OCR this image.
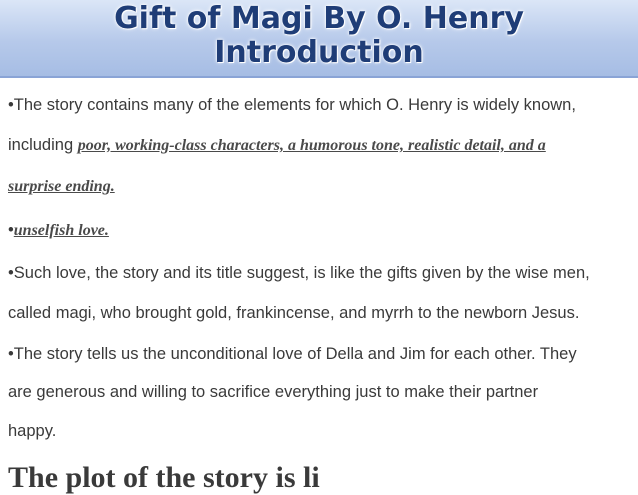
Gift of Magi By O. Henry
Introduction
•The story contains many of the elements for which O. Henry is widely known,
including poor, working-class characters, a humorous tone, realistic detail, and a
surprise ending.
•unselfish love.
•Such love, the story and its title suggest, is like the gifts given by the wise men,
called magi, who brought gold, frankincense, and myrrh to the newborn Jesus.
•The story tells us the unconditional love of Della and Jim for each other. They
are generous and willing to sacrifice everything just to make their partner
happy.
The plot of the story is li
